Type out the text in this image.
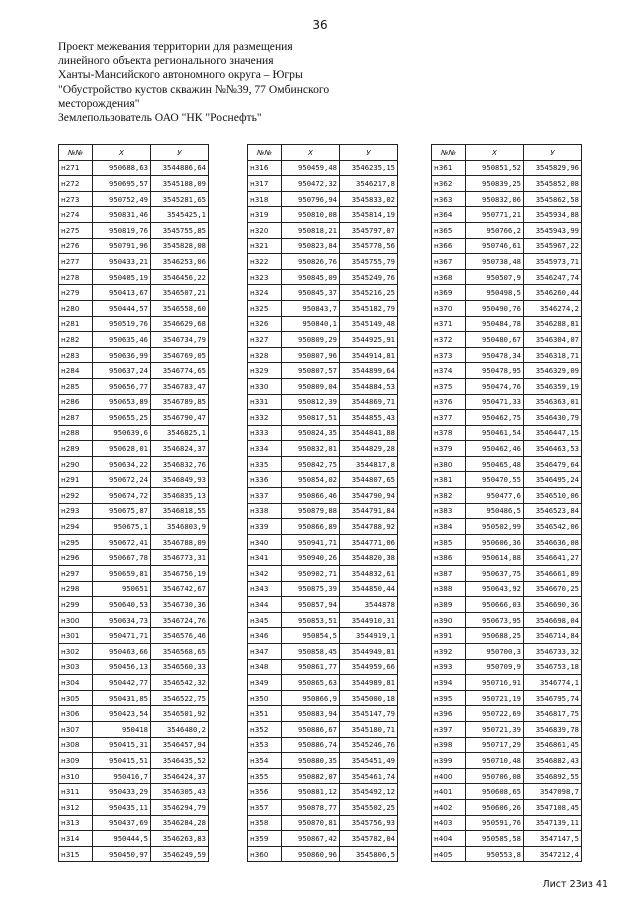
36
Проект межевания территории для размещения
линейного объекта регионального значения
Ханты-Мансийского автономного округа – Югры
"Обустройство кустов скважин №№39, 77 Омбинского
месторождения"
Землепользователь ОАО "НК "Роснефть"
№№	X	У
н271	950688,63	3544886,64
н272	950695,57	3545188,09
н273	950752,49	3545281,65
н274	950831,46	3545425,1
н275	950819,76	3545755,85
н276	950791,96	3545828,08
н277	950433,21	3546253,06
н278	950405,19	3546456,22
н279	950413,67	3546507,21
н280	950444,57	3546558,60
н281	950519,76	3546629,68
н282	950635,46	3546734,79
н283	950636,99	3546769,05
н284	950637,24	3546774,65
н285	950656,77	3546783,47
н286	950653,89	3546789,85
н287	950655,25	3546790,47
н288	950639,6	3546825,1
н289	950628,01	3546824,37
н290	950634,22	3546832,76
н291	950672,24	3546849,93
н292	950674,72	3546835,13
н293	950675,87	3546818,55
н294	950675,1	3546803,9
н295	950672,41	3546788,09
н296	950667,78	3546773,31
н297	950659,81	3546756,19
н298	950651	3546742,67
н299	950640,53	3546730,36
н300	950634,73	3546724,76
н301	950471,71	3546576,46
н302	950463,66	3546568,65
н303	950456,13	3546560,33
н304	950442,77	3546542,32
н305	950431,85	3546522,75
н306	950423,54	3546501,92
н307	950418	3546480,2
н308	950415,31	3546457,94
н309	950415,51	3546435,52
н310	950416,7	3546424,37
н311	950433,29	3546305,43
н312	950435,11	3546294,79
н313	950437,69	3546284,28
н314	950444,5	3546263,83
н315	950450,97	3546249,59
№№	X	У
н316	950459,48	3546235,15
н317	950472,32	3546217,8
н318	950796,94	3545833,02
н319	950810,08	3545814,19
н320	950818,21	3545797,07
н321	950823,84	3545778,56
н322	950826,76	3545755,79
н323	950845,09	3545249,76
н324	950845,37	3545216,25
н325	950843,7	3545182,79
н326	950840,1	3545149,48
н327	950809,29	3544925,91
н328	950807,96	3544914,81
н329	950807,57	3544899,64
н330	950809,04	3544884,53
н331	950812,39	3544869,71
н332	950817,51	3544855,43
н333	950824,35	3544841,88
н334	950832,81	3544829,28
н335	950842,75	3544817,8
н336	950854,02	3544807,65
н337	950866,46	3544790,94
н338	950879,88	3544791,84
н339	950866,89	3544788,92
н340	950941,71	3544771,06
н341	950940,26	3544820,38
н342	950902,71	3544832,61
н343	950875,39	3544850,44
н344	950857,94	3544878
н345	950853,51	3544910,31
н346	950854,5	3544919,1
н347	950858,45	3544949,81
н348	950861,77	3544959,66
н349	950865,63	3544989,81
н350	950866,9	3545000,18
н351	950883,94	3545147,79
н352	950886,67	3545180,71
н353	950886,74	3545246,76
н354	950880,35	3545451,49
н355	950882,07	3545461,74
н356	950881,12	3545492,12
н357	950878,77	3545502,25
н358	950870,81	3545756,93
н359	950867,42	3545782,04
н360	950860,96	3545806,5
№№	X	У
н361	950851,52	3545829,96
н362	950839,25	3545852,08
н363	950832,06	3545862,58
н364	950771,21	3545934,88
н365	950766,2	3545943,99
н366	950746,61	3545967,22
н367	950738,48	3545973,71
н368	950507,9	3546247,74
н369	950498,5	3546260,44
н370	950490,76	3546274,2
н371	950484,78	3546288,81
н372	950480,67	3546304,07
н373	950478,34	3546318,71
н374	950478,95	3546329,09
н375	950474,76	3546359,19
н376	950471,33	3546363,01
н377	950462,75	3546430,79
н378	950461,54	3546447,15
н379	950462,46	3546463,53
н380	950465,48	3546479,64
н381	950470,55	3546495,24
н382	950477,6	3546510,06
н383	950486,5	3546523,84
н384	950502,99	3546542,06
н385	950606,36	3546636,08
н386	950614,88	3546641,27
н387	950637,75	3546661,89
н388	950643,92	3546670,25
н389	950666,03	3546690,36
н390	950673,95	3546698,04
н391	950688,25	3546714,84
н392	950700,3	3546733,32
н393	950709,9	3546753,18
н394	950716,91	3546774,1
н395	950721,19	3546795,74
н396	950722,69	3546817,75
н397	950721,39	3546839,78
н398	950717,29	3546861,45
н399	950710,48	3546882,43
н400	950706,08	3546892,55
н401	950608,65	3547098,7
н402	950606,26	3547108,45
н403	950591,76	3547139,11
н404	950585,58	3547147,5
н405	950553,8	3547212,4
Лист 23из 41
